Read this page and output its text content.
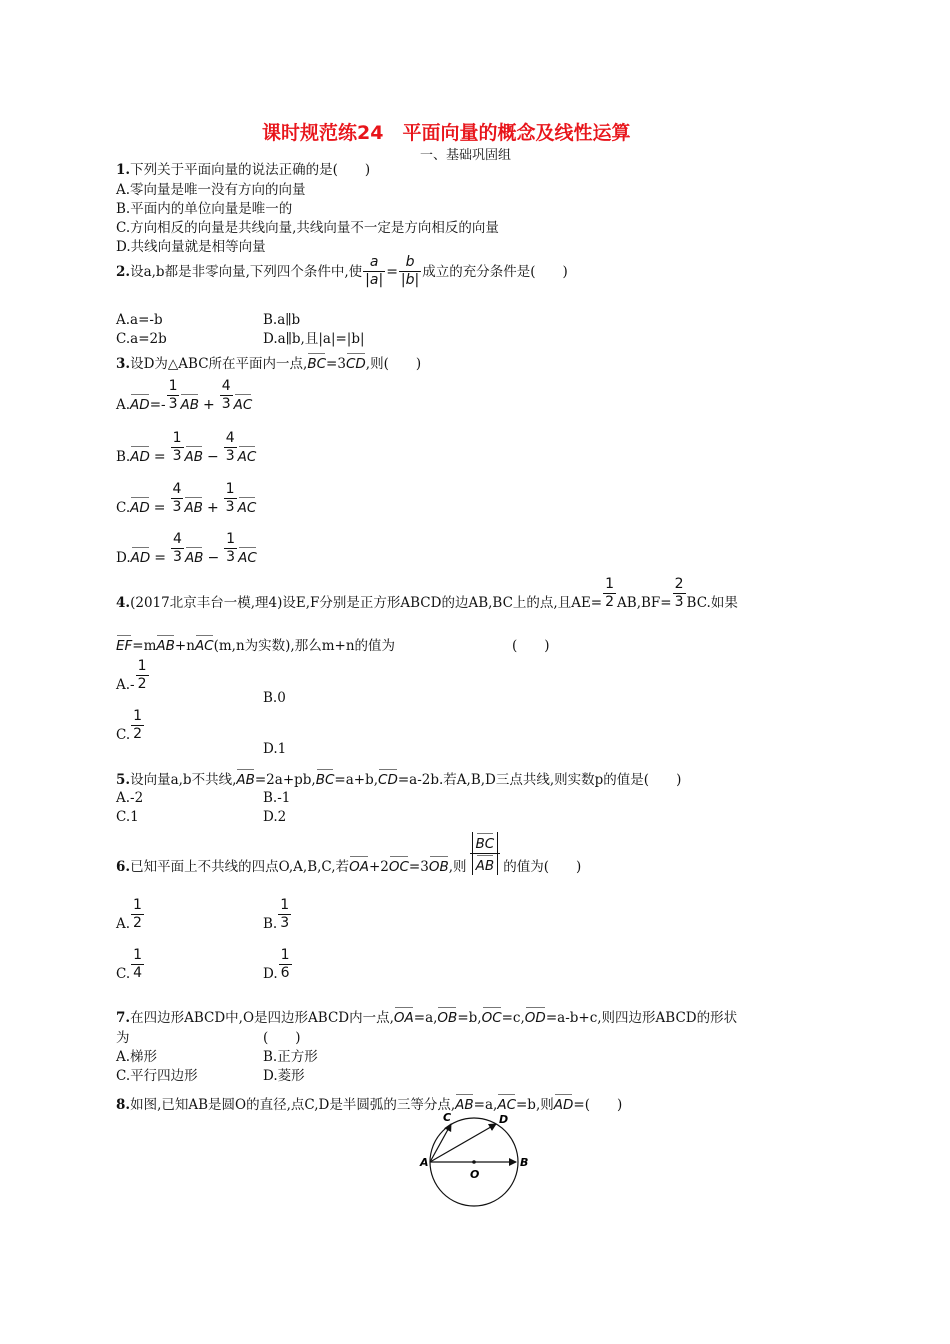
课时规范练24　平面向量的概念及线性运算
一、基础巩固组
1.下列关于平面向量的说法正确的是(　　)
A.零向量是唯一没有方向的向量
B.平面内的单位向量是唯一的
C.方向相反的向量是共线向量,共线向量不一定是方向相反的向量
D.共线向量就是相等向量
2. 设a,b都是非零向量,下列四个条件中,使 $\frac{a}{|a|} = \frac{b}{|b|}$ 成立的充分条件是(　　)
A.a=-b	B.a∥b
C.a=2b	D.a∥b,且|a|=|b|
3.设D为△ABC所在平面内一点,BC=3CD,则(　　)
A. AD = - $\frac{1}{3}$ AB + $\frac{4}{3}$ AC
B. AD = $\frac{1}{3}$ AB − $\frac{4}{3}$ AC
C. AD = $\frac{4}{3}$ AB + $\frac{1}{3}$ AC
D. AD = $\frac{4}{3}$ AB − $\frac{1}{3}$ AC
4. (2017北京丰台一模,理4)设E,F分别是正方形ABCD的边AB,BC上的点,且$AE= \frac{1}{2} AB,BF= \frac{2}{3}$ BC.如果
EF=mAB+nAC(m,n为实数),那么m+n的值为	(　　)
A. - $\frac{1}{2}$
B.0
C. $\frac{1}{2}$
D.1
5.设向量a,b不共线,AB=2a+pb,BC=a+b,CD=a-2b.若A,B,D三点共线,则实数p的值是(　　)
A.-2	B.-1
C.1	D.2
6. 已知平面上不共线的四点O,A,B,C,若 OA +2 OC =3 OB ,则 $\frac{BC}{AB}$ 的值为(　　)
A. $\frac{1}{2}$	B. $\frac{1}{3}$
C. $\frac{1}{4}$	D. $\frac{1}{6}$
7.在四边形ABCD中,O是四边形ABCD内一点,OA=a,OB=b,OC=c,OD=a-b+c,则四边形ABCD的形状
为	(　　)
A.梯形	B.正方形
C.平行四边形	D.菱形
8.如图,已知AB是圆O的直径,点C,D是半圆弧的三等分点,AB=a,AC=b,则AD=(　　)
A	B
C	D
O
